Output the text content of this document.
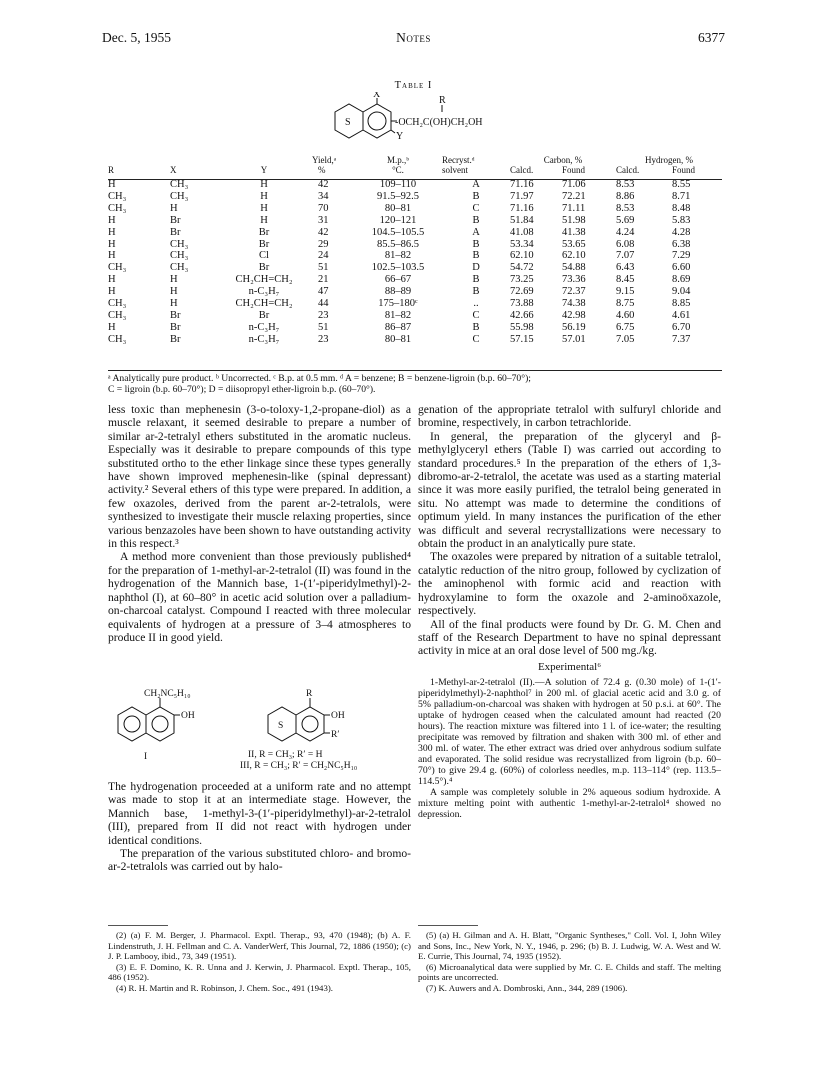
Dec. 5, 1955	Notes	6377
Table I
X
R
S	-OCH₂C(OH)CH₂OH
Y
			Yield,ᵃ	M.p.,ᵇ	Recryst.ᵈ	Carbon, %		Hydrogen, %	
R	X	Y	%	°C.	solvent	Calcd.	Found	Calcd.	Found
H	CH₃	H	42	109–110	A	71.16	71.06	8.53	8.55
CH₃	CH₃	H	34	91.5–92.5	B	71.97	72.21	8.86	8.71
CH₃	H	H	70	80–81	C	71.16	71.11	8.53	8.48
H	Br	H	31	120–121	B	51.84	51.98	5.69	5.83
H	Br	Br	42	104.5–105.5	A	41.08	41.38	4.24	4.28
H	CH₃	Br	29	85.5–86.5	B	53.34	53.65	6.08	6.38
H	CH₃	Cl	24	81–82	B	62.10	62.10	7.07	7.29
CH₃	CH₃	Br	51	102.5–103.5	D	54.72	54.88	6.43	6.60
H	H	CH₂CH=CH₂	21	66–67	B	73.25	73.36	8.45	8.69
H	H	n-C₃H₇	47	88–89	B	72.69	72.37	9.15	9.04
CH₃	H	CH₂CH=CH₂	44	175–180ᶜ	..	73.88	74.38	8.75	8.85
CH₃	Br	Br	23	81–82	C	42.66	42.98	4.60	4.61
H	Br	n-C₃H₇	51	86–87	B	55.98	56.19	6.75	6.70
CH₃	Br	n-C₃H₇	23	80–81	C	57.15	57.01	7.05	7.37
ᵃ Analytically pure product. ᵇ Uncorrected. ᶜ B.p. at 0.5 mm. ᵈ A = benzene; B = benzene-ligroin (b.p. 60–70°);
C = ligroin (b.p. 60–70°); D = diisopropyl ether-ligroin b.p. (60–70°).

less toxic than mephenesin (3-o-toloxy-1,2-propane-diol) as a muscle relaxant, it seemed desirable to prepare a number of similar ar-2-tetralyl ethers substituted in the aromatic nucleus. Especially was it desirable to prepare compounds of this type substituted ortho to the ether linkage since these types generally have shown improved mephenesin-like (spinal depressant) activity.² Several ethers of this type were prepared. In addition, a few oxazoles, derived from the parent ar-2-tetralols, were synthesized to investigate their muscle relaxing properties, since various benzazoles have been shown to have outstanding activity in this respect.³

A method more convenient than those previously published⁴ for the preparation of 1-methyl-ar-2-tetralol (II) was found in the hydrogenation of the Mannich base, 1-(1′-piperidylmethyl)-2-naphthol (I), at 60–80° in acetic acid solution over a palladium-on-charcoal catalyst. Compound I reacted with three molecular equivalents of hydrogen at a pressure of 3–4 atmospheres to produce II in good yield.

CH₂NC₅H₁₀
OH
I
R
S
OH
R′
II, R = CH₃; R′ = H
III, R = CH₃; R′ = CH₂NC₅H₁₀

The hydrogenation proceeded at a uniform rate and no attempt was made to stop it at an intermediate stage. However, the Mannich base, 1-methyl-3-(1′-piperidylmethyl)-ar-2-tetralol (III), prepared from II did not react with hydrogen under identical conditions.

The preparation of the various substituted chloro- and bromo-ar-2-tetralols was carried out by halo-

(2) (a) F. M. Berger, J. Pharmacol. Exptl. Therap., 93, 470 (1948); (b) A. F. Lindenstruth, J. H. Fellman and C. A. VanderWerf, This Journal, 72, 1886 (1950); (c) J. P. Lambooy, ibid., 73, 349 (1951).

(3) E. F. Domino, K. R. Unna and J. Kerwin, J. Pharmacol. Exptl. Therap., 105, 486 (1952).

(4) R. H. Martin and R. Robinson, J. Chem. Soc., 491 (1943).

genation of the appropriate tetralol with sulfuryl chloride and bromine, respectively, in carbon tetrachloride.

In general, the preparation of the glyceryl and β-methylglyceryl ethers (Table I) was carried out according to standard procedures.⁵ In the preparation of the ethers of 1,3-dibromo-ar-2-tetralol, the acetate was used as a starting material since it was more easily purified, the tetralol being generated in situ. No attempt was made to determine the conditions of optimum yield. In many instances the purification of the ether was difficult and several recrystallizations were necessary to obtain the product in an analytically pure state.

The oxazoles were prepared by nitration of a suitable tetralol, catalytic reduction of the nitro group, followed by cyclization of the aminophenol with formic acid and reaction with hydroxylamine to form the oxazole and 2-aminoöxazole, respectively.

All of the final products were found by Dr. G. M. Chen and staff of the Research Department to have no spinal depressant activity in mice at an oral dose level of 500 mg./kg.

Experimental⁶

1-Methyl-ar-2-tetralol (II).—A solution of 72.4 g. (0.30 mole) of 1-(1′-piperidylmethyl)-2-naphthol⁷ in 200 ml. of glacial acetic acid and 3.0 g. of 5% palladium-on-charcoal was shaken with hydrogen at 50 p.s.i. at 60°. The uptake of hydrogen ceased when the calculated amount had reacted (20 hours). The reaction mixture was filtered into 1 l. of ice-water; the resulting precipitate was removed by filtration and shaken with 300 ml. of ether and 300 ml. of water. The ether extract was dried over anhydrous sodium sulfate and evaporated. The solid residue was recrystallized from ligroin (b.p. 60–70°) to give 29.4 g. (60%) of colorless needles, m.p. 113–114° (rep. 113.5–114.5°).⁴

A sample was completely soluble in 2% aqueous sodium hydroxide. A mixture melting point with authentic 1-methyl-ar-2-tetralol⁴ showed no depression.

(5) (a) H. Gilman and A. H. Blatt, "Organic Syntheses," Coll. Vol. I, John Wiley and Sons, Inc., New York, N. Y., 1946, p. 296; (b) B. J. Ludwig, W. A. West and W. E. Currie, This Journal, 74, 1935 (1952).

(6) Microanalytical data were supplied by Mr. C. E. Childs and staff. The melting points are uncorrected.

(7) K. Auwers and A. Dombroski, Ann., 344, 289 (1906).
